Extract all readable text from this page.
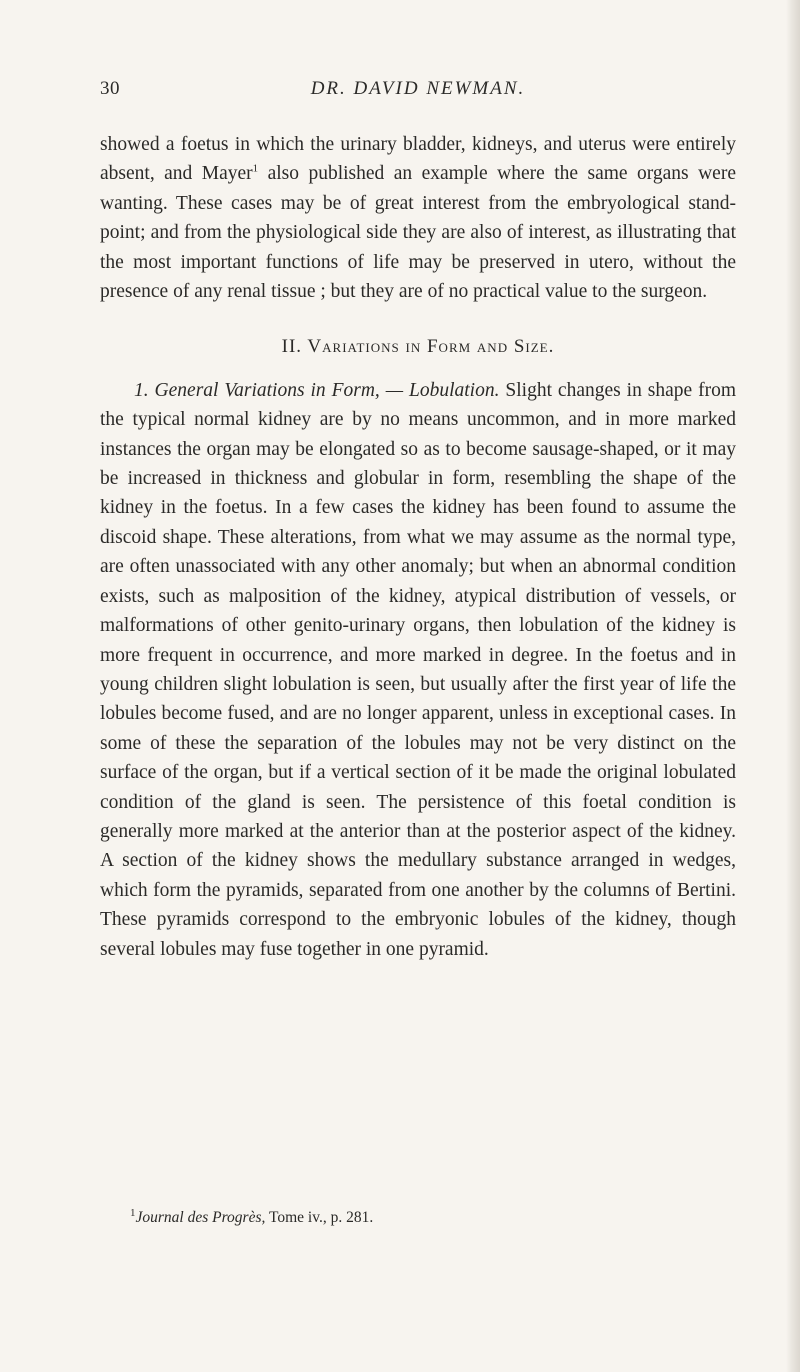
30	DR. DAVID NEWMAN.

showed a foetus in which the urinary bladder, kidneys, and uterus were entirely absent, and Mayer$^1$ also published an example where the same organs were wanting. These cases may be of great interest from the embryological stand-point; and from the physiological side they are also of interest, as illustrating that the most important functions of life may be preserved in utero, without the presence of any renal tissue ; but they are of no practical value to the surgeon.

II. Variations in Form and Size.

1. General Variations in Form, — Lobulation. Slight changes in shape from the typical normal kidney are by no means uncommon, and in more marked instances the organ may be elongated so as to become sausage-shaped, or it may be increased in thickness and globular in form, resembling the shape of the kidney in the foetus. In a few cases the kidney has been found to assume the discoid shape. These alterations, from what we may assume as the normal type, are often unassociated with any other anomaly; but when an abnormal condition exists, such as malposition of the kidney, atypical distribution of vessels, or malformations of other genito-urinary organs, then lobulation of the kidney is more frequent in occurrence, and more marked in degree. In the foetus and in young children slight lobulation is seen, but usually after the first year of life the lobules become fused, and are no longer apparent, unless in exceptional cases. In some of these the separation of the lobules may not be very distinct on the surface of the organ, but if a vertical section of it be made the original lobulated condition of the gland is seen. The persistence of this foetal condition is generally more marked at the anterior than at the posterior aspect of the kidney. A section of the kidney shows the medullary substance arranged in wedges, which form the pyramids, separated from one another by the columns of Bertini. These pyramids correspond to the embryonic lobules of the kidney, though several lobules may fuse together in one pyramid.

$^1$Journal des Progrès, Tome iv., p. 281.
